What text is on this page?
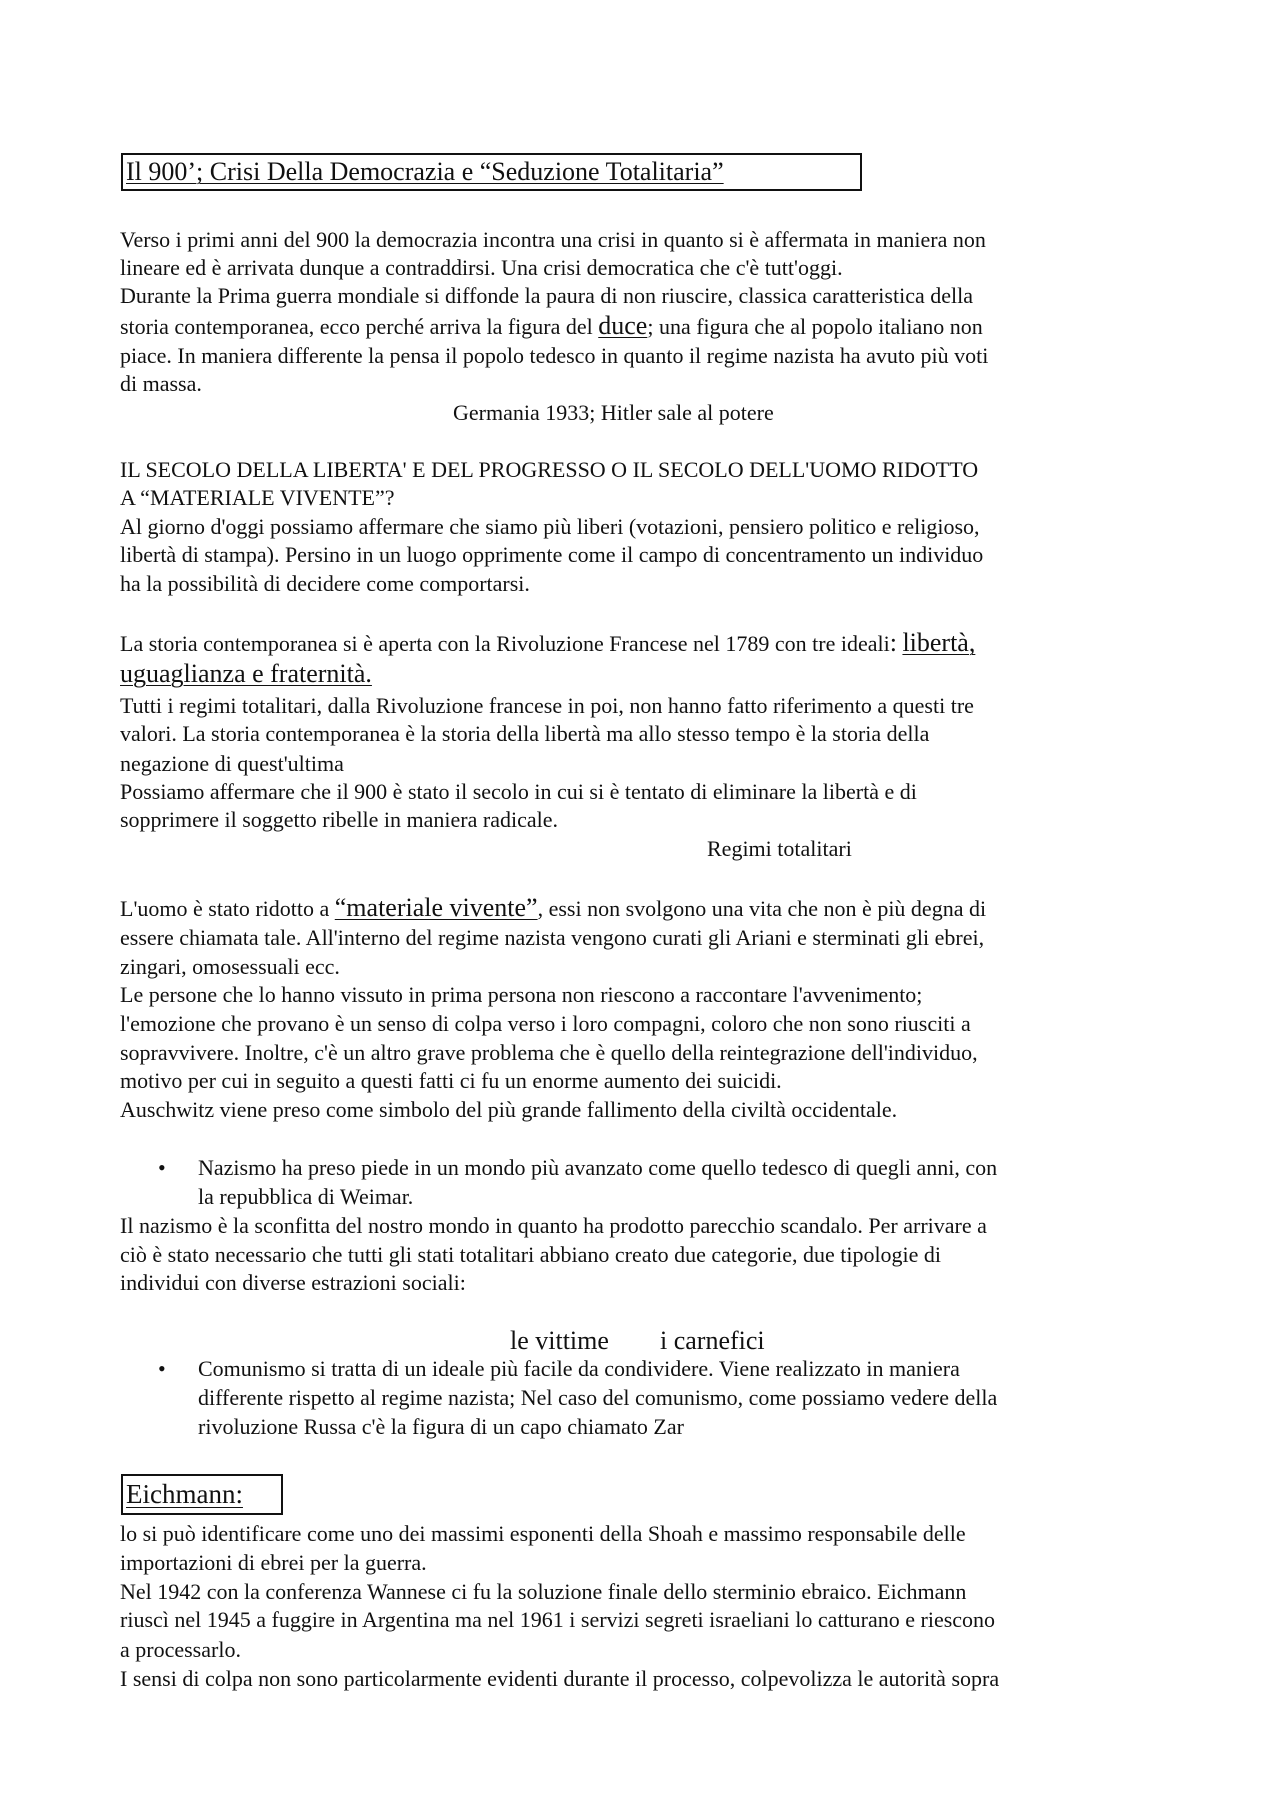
Il 900’; Crisi Della Democrazia e “Seduzione Totalitaria”
Verso i primi anni del 900 la democrazia incontra una crisi in quanto si è affermata in maniera non
lineare ed è arrivata dunque a contraddirsi. Una crisi democratica che c'è tutt'oggi.
Durante la Prima guerra mondiale si diffonde la paura di non riuscire, classica caratteristica della
storia contemporanea, ecco perché arriva la figura del duce; una figura che al popolo italiano non
piace. In maniera differente la pensa il popolo tedesco in quanto il regime nazista ha avuto più voti
di massa.
Germania 1933; Hitler sale al potere
IL SECOLO DELLA LIBERTA' E DEL PROGRESSO O IL SECOLO DELL'UOMO RIDOTTO
A “MATERIALE VIVENTE”?
Al giorno d'oggi possiamo affermare che siamo più liberi (votazioni, pensiero politico e religioso,
libertà di stampa). Persino in un luogo opprimente come il campo di concentramento un individuo
ha la possibilità di decidere come comportarsi.
La storia contemporanea si è aperta con la Rivoluzione Francese nel 1789 con tre ideali: libertà,
uguaglianza e fraternità.
Tutti i regimi totalitari, dalla Rivoluzione francese in poi, non hanno fatto riferimento a questi tre
valori. La storia contemporanea è la storia della libertà ma allo stesso tempo è la storia della
negazione di quest'ultima
Possiamo affermare che il 900 è stato il secolo in cui si è tentato di eliminare la libertà e di
sopprimere il soggetto ribelle in maniera radicale.
Regimi totalitari
L'uomo è stato ridotto a “materiale vivente”, essi non svolgono una vita che non è più degna di
essere chiamata tale. All'interno del regime nazista vengono curati gli Ariani e sterminati gli ebrei,
zingari, omosessuali ecc.
Le persone che lo hanno vissuto in prima persona non riescono a raccontare l'avvenimento;
l'emozione che provano è un senso di colpa verso i loro compagni, coloro che non sono riusciti a
sopravvivere. Inoltre, c'è un altro grave problema che è quello della reintegrazione dell'individuo,
motivo per cui in seguito a questi fatti ci fu un enorme aumento dei suicidi.
Auschwitz viene preso come simbolo del più grande fallimento della civiltà occidentale.
• Nazismo ha preso piede in un mondo più avanzato come quello tedesco di quegli anni, con
la repubblica di Weimar.
Il nazismo è la sconfitta del nostro mondo in quanto ha prodotto parecchio scandalo. Per arrivare a
ciò è stato necessario che tutti gli stati totalitari abbiano creato due categorie, due tipologie di
individui con diverse estrazioni sociali:
le vittime i carnefici
• Comunismo si tratta di un ideale più facile da condividere. Viene realizzato in maniera
differente rispetto al regime nazista; Nel caso del comunismo, come possiamo vedere della
rivoluzione Russa c'è la figura di un capo chiamato Zar
Eichmann:
lo si può identificare come uno dei massimi esponenti della Shoah e massimo responsabile delle
importazioni di ebrei per la guerra.
Nel 1942 con la conferenza Wannese ci fu la soluzione finale dello sterminio ebraico. Eichmann
riuscì nel 1945 a fuggire in Argentina ma nel 1961 i servizi segreti israeliani lo catturano e riescono
a processarlo.
I sensi di colpa non sono particolarmente evidenti durante il processo, colpevolizza le autorità sopra
